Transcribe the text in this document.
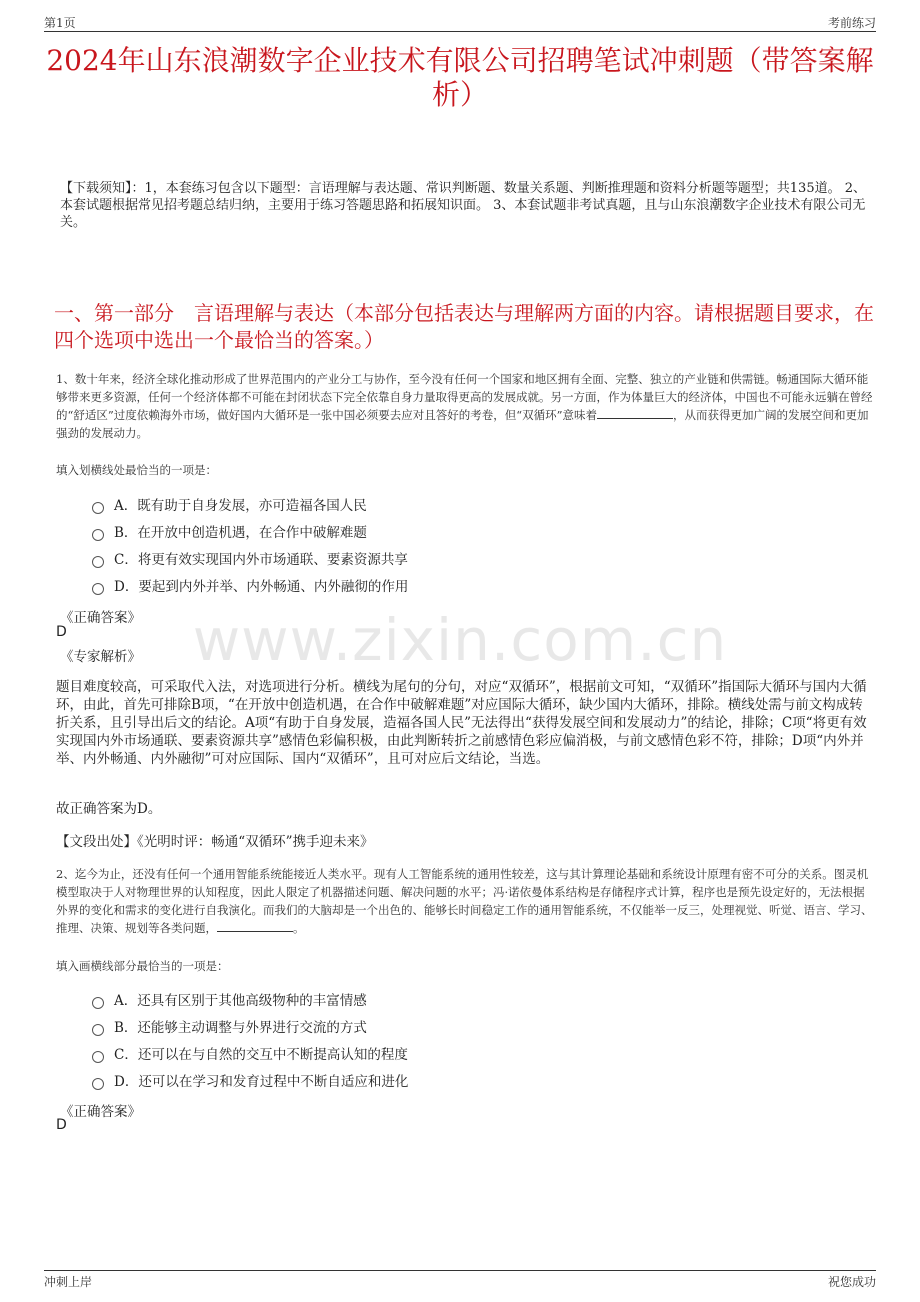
第1页	考前练习
2024年山东浪潮数字企业技术有限公司招聘笔试冲刺题（带答案解析）
【下载须知】：1，本套练习包含以下题型：言语理解与表达题、常识判断题、数量关系题、判断推理题和资料分析题等题型；共135道。 2、本套试题根据常见招考题总结归纳，主要用于练习答题思路和拓展知识面。 3、本套试题非考试真题，且与山东浪潮数字企业技术有限公司无关。
一、第一部分　言语理解与表达（本部分包括表达与理解两方面的内容。请根据题目要求，在四个选项中选出一个最恰当的答案。）
1、数十年来，经济全球化推动形成了世界范围内的产业分工与协作，至今没有任何一个国家和地区拥有全面、完整、独立的产业链和供需链。畅通国际大循环能够带来更多资源，任何一个经济体都不可能在封闭状态下完全依靠自身力量取得更高的发展成就。另一方面，作为体量巨大的经济体，中国也不可能永远躺在曾经的“舒适区”过度依赖海外市场，做好国内大循环是一张中国必须要去应对且答好的考卷，但“双循环”意味着	，从而获得更加广阔的发展空间和更加强劲的发展动力。
填入划横线处最恰当的一项是：
A．既有助于自身发展，亦可造福各国人民
B．在开放中创造机遇，在合作中破解难题
C．将更有效实现国内外市场通联、要素资源共享
D．要起到内外并举、内外畅通、内外融彻的作用
《正确答案》
D
《专家解析》
题目难度较高，可采取代入法，对选项进行分析。横线为尾句的分句，对应“双循环”，根据前文可知，“双循环”指国际大循环与国内大循环，由此，首先可排除B项，“在开放中创造机遇，在合作中破解难题”对应国际大循环，缺少国内大循环，排除。横线处需与前文构成转折关系，且引导出后文的结论。A项“有助于自身发展，造福各国人民”无法得出“获得发展空间和发展动力”的结论，排除；C项“将更有效实现国内外市场通联、要素资源共享”感情色彩偏积极，由此判断转折之前感情色彩应偏消极，与前文感情色彩不符，排除；D项“内外并举、内外畅通、内外融彻”可对应国际、国内“双循环”，且可对应后文结论，当选。
故正确答案为D。
【文段出处】《光明时评：畅通“双循环”携手迎未来》
2、迄今为止，还没有任何一个通用智能系统能接近人类水平。现有人工智能系统的通用性较差，这与其计算理论基础和系统设计原理有密不可分的关系。图灵机模型取决于人对物理世界的认知程度，因此人限定了机器描述问题、解决问题的水平；冯·诺依曼体系结构是存储程序式计算，程序也是预先设定好的，无法根据外界的变化和需求的变化进行自我演化。而我们的大脑却是一个出色的、能够长时间稳定工作的通用智能系统，不仅能举一反三，处理视觉、听觉、语言、学习、推理、决策、规划等各类问题，	。
填入画横线部分最恰当的一项是：
A．还具有区别于其他高级物种的丰富情感
B．还能够主动调整与外界进行交流的方式
C．还可以在与自然的交互中不断提高认知的程度
D．还可以在学习和发育过程中不断自适应和进化
《正确答案》
D
www.zixin.com.cn
冲刺上岸	祝您成功
